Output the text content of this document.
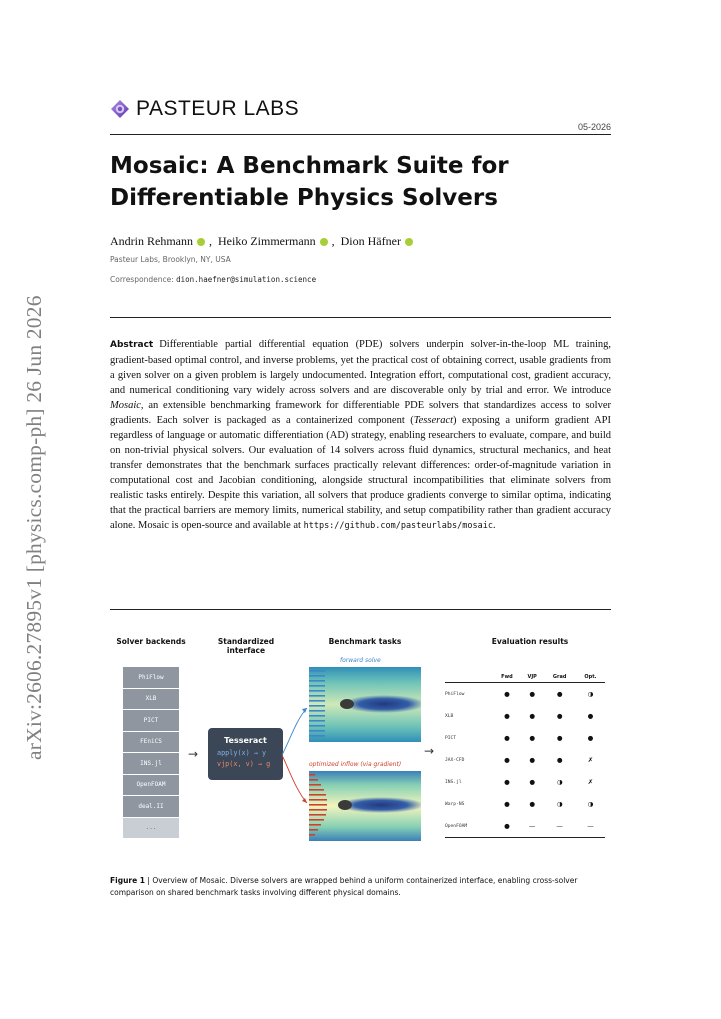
arXiv:2606.27895v1 [physics.comp-ph] 26 Jun 2026
PASTEUR LABS
05-2026
Mosaic: A Benchmark Suite for Differentiable Physics Solvers
Andrin Rehmann ,
Heiko Zimmermann ,
Dion Häfner
Pasteur Labs, Brooklyn, NY, USA
Correspondence: dion.haefner@simulation.science
Abstract Differentiable partial differential equation (PDE) solvers underpin solver-in-the-loop ML training, gradient-based optimal control, and inverse problems, yet the practical cost of obtaining correct, usable gradients from a given solver on a given problem is largely undocumented. Integration effort, computational cost, gradient accuracy, and numerical conditioning vary widely across solvers and are discoverable only by trial and error. We introduce Mosaic, an extensible benchmarking framework for differentiable PDE solvers that standardizes access to solver gradients. Each solver is packaged as a containerized component (Tesseract) exposing a uniform gradient API regardless of language or automatic differentiation (AD) strategy, enabling researchers to evaluate, compare, and build on non-trivial physical solvers. Our evaluation of 14 solvers across fluid dynamics, structural mechanics, and heat transfer demonstrates that the benchmark surfaces practically relevant differences: order-of-magnitude variation in computational cost and Jacobian conditioning, alongside structural incompatibilities that eliminate solvers from realistic tasks entirely. Despite this variation, all solvers that produce gradients converge to similar optima, indicating that the practical barriers are memory limits, numerical stability, and setup compatibility rather than gradient accuracy alone. Mosaic is open-source and available at https://github.com/pasteurlabs/mosaic.
Solver backends	Standardized interface
Benchmark tasks	Evaluation results
PhiFlow
XLB
PICT
FEniCS
INS.jl
OpenFOAM
deal.II
...
→
Tesseract
apply(x) → y
vjp(x, v) → g
forward solve
optimized inflow (via gradient)
→
	Fwd	VJP	Grad	Opt.
PhiFlow	●	●	●	◑
XLB	●	●	●	●
PICT	●	●	●	●
JAX-CFD	●	●	●	✗
INS.jl	●	●	◑	✗
Warp-NS	●	●	◑	◑
OpenFOAM	●	—	—	—
Figure 1 | Overview of Mosaic. Diverse solvers are wrapped behind a uniform containerized interface, enabling cross-solver comparison on shared benchmark tasks involving different physical domains.
